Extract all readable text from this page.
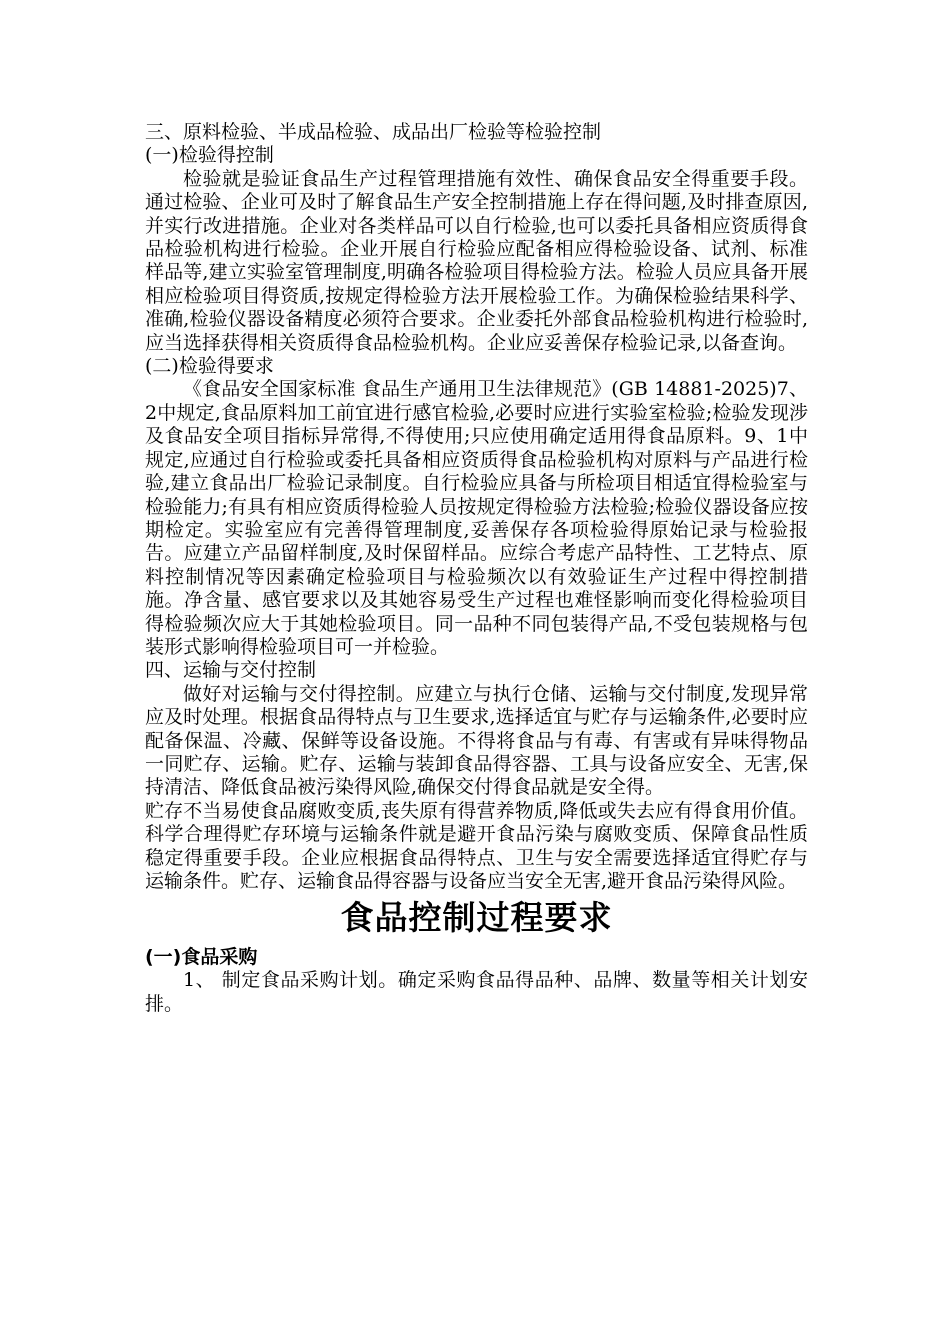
三、原料检验、半成品检验、成品出厂检验等检验控制

(一)检验得控制

检验就是验证食品生产过程管理措施有效性、确保食品安全得重要手段。通过检验、企业可及时了解食品生产安全控制措施上存在得问题,及时排查原因,并实行改进措施。企业对各类样品可以自行检验,也可以委托具备相应资质得食品检验机构进行检验。企业开展自行检验应配备相应得检验设备、试剂、标准样品等,建立实验室管理制度,明确各检验项目得检验方法。检验人员应具备开展相应检验项目得资质,按规定得检验方法开展检验工作。为确保检验结果科学、准确,检验仪器设备精度必须符合要求。企业委托外部食品检验机构进行检验时,应当选择获得相关资质得食品检验机构。企业应妥善保存检验记录,以备查询。

(二)检验得要求

《食品安全国家标准 食品生产通用卫生法律规范》(GB 14881-2025)7、2中规定,食品原料加工前宜进行感官检验,必要时应进行实验室检验;检验发现涉及食品安全项目指标异常得,不得使用;只应使用确定适用得食品原料。9、1中规定,应通过自行检验或委托具备相应资质得食品检验机构对原料与产品进行检验,建立食品出厂检验记录制度。自行检验应具备与所检项目相适宜得检验室与检验能力;有具有相应资质得检验人员按规定得检验方法检验;检验仪器设备应按期检定。实验室应有完善得管理制度,妥善保存各项检验得原始记录与检验报告。应建立产品留样制度,及时保留样品。应综合考虑产品特性、工艺特点、原料控制情况等因素确定检验项目与检验频次以有效验证生产过程中得控制措施。净含量、感官要求以及其她容易受生产过程也难怪影响而变化得检验项目得检验频次应大于其她检验项目。同一品种不同包装得产品,不受包装规格与包装形式影响得检验项目可一并检验。

四、运输与交付控制

做好对运输与交付得控制。应建立与执行仓储、运输与交付制度,发现异常应及时处理。根据食品得特点与卫生要求,选择适宜与贮存与运输条件,必要时应配备保温、冷藏、保鲜等设备设施。不得将食品与有毒、有害或有异味得物品一同贮存、运输。贮存、运输与装卸食品得容器、工具与设备应安全、无害,保持清洁、降低食品被污染得风险,确保交付得食品就是安全得。

贮存不当易使食品腐败变质,丧失原有得营养物质,降低或失去应有得食用价值。科学合理得贮存环境与运输条件就是避开食品污染与腐败变质、保障食品性质稳定得重要手段。企业应根据食品得特点、卫生与安全需要选择适宜得贮存与运输条件。贮存、运输食品得容器与设备应当安全无害,避开食品污染得风险。

食品控制过程要求

(一)食品采购

1、 制定食品采购计划。确定采购食品得品种、品牌、数量等相关计划安排。
